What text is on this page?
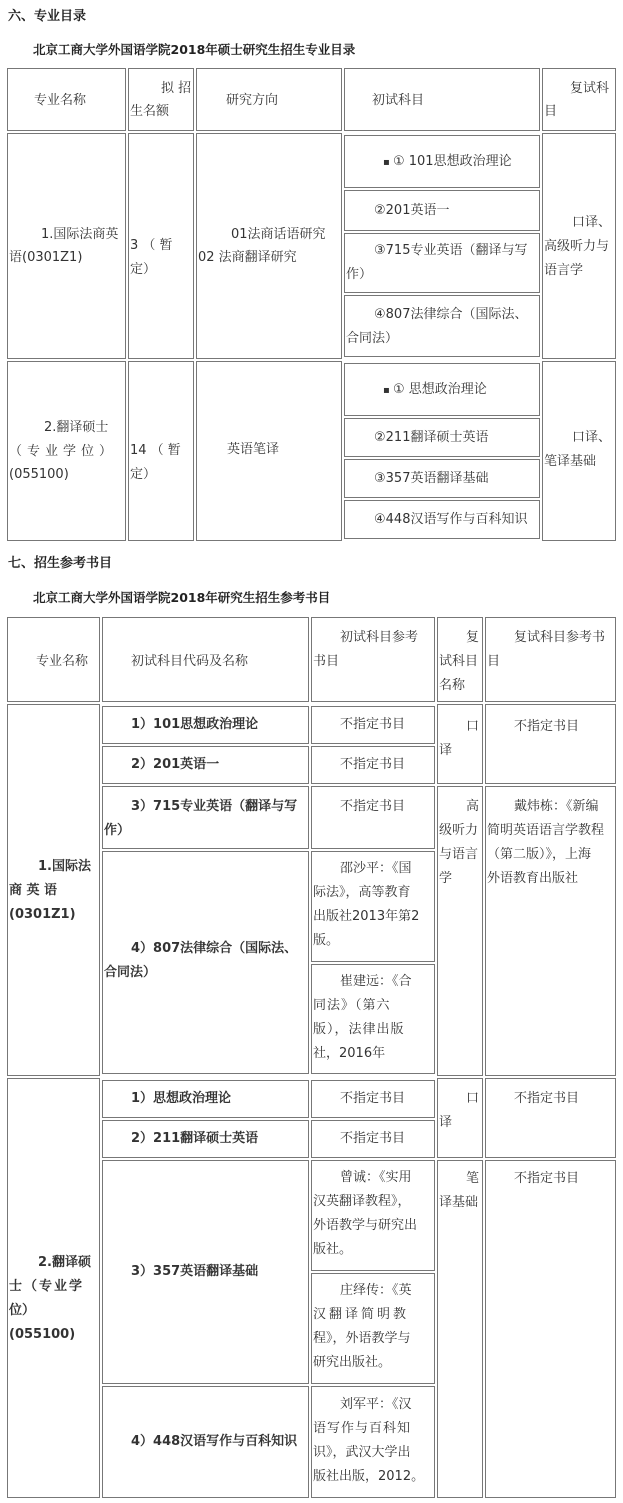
六、专业目录
北京工商大学外国语学院2018年硕士研究生招生专业目录
专业名称
拟 招
生名额
研究方向	初试科目
复试科
目
1.国际法商英
语(0301Z1)
3 （ 暂
定）
01法商话语研究
02 法商翻译研究
▪ ① 101思想政治理论
②201英语一
③715专业英语（翻译与写
作）
④807法律综合（国际法、
合同法）
口译、
高级听力与
语言学
2.翻译硕士
（专业学位）
(055100)
14 （ 暂
定）
英语笔译
▪ ① 思想政治理论
②211翻译硕士英语
③357英语翻译基础
④448汉语写作与百科知识
口译、
笔译基础
七、招生参考书目
北京工商大学外国语学院2018年研究生招生参考书目
专业名称	初试科目代码及名称
初试科目参考
书目
复
试科目
名称
复试科目参考书
目
1.国际法
商 英 语
(0301Z1)
1）101思想政治理论
2）201英语一
3）715专业英语（翻译与写
作）
4）807法律综合（国际法、
合同法）
不指定书目
不指定书目
不指定书目
邵沙平：《国
际法》，高等教育
出版社2013年第2
版。
崔建远：《合
同法》（第六
版），法律出版
社，2016年
口
译
高
级听力
与语言
学
不指定书目
戴炜栋：《新编
简明英语语言学教程
（第二版）》，上海
外语教育出版社
2.翻译硕
士（专业学
位）(055100)
1）思想政治理论
2）211翻译硕士英语
3）357英语翻译基础
4）448汉语写作与百科知识
不指定书目
不指定书目
曾诚：《实用
汉英翻译教程》，
外语教学与研究出
版社。
庄绎传：《英
汉翻译简明教
程》，外语教学与
研究出版社。
刘军平：《汉
语写作与百科知
识》，武汉大学出
版社出版，2012。
口
译
笔
译基础
不指定书目
不指定书目
